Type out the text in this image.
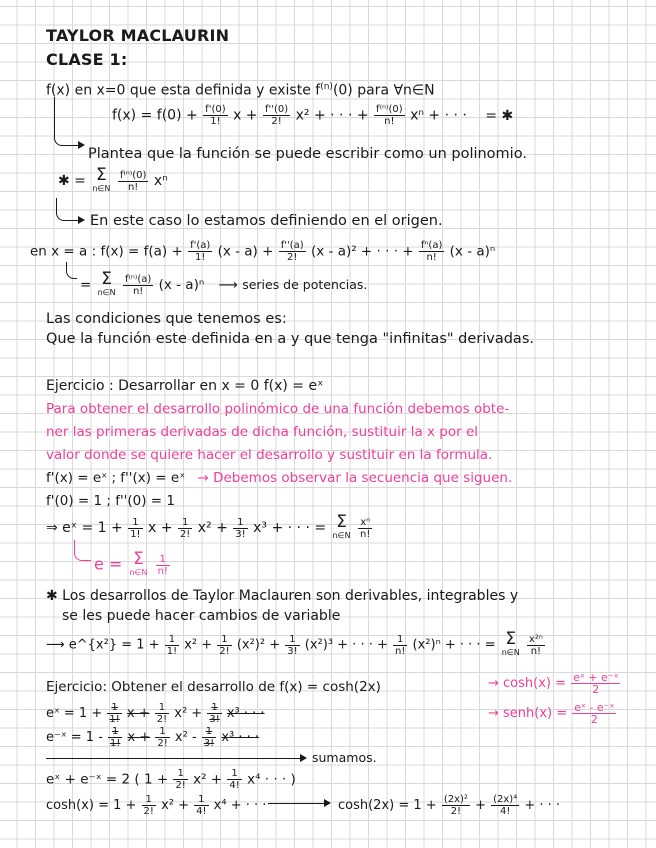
TAYLOR MACLAURIN
CLASE 1:
f(x) en x=0 que esta definida y existe $f^{(n)}(0)$ para ∀n∈N
$f(x) = f(0) + \frac{f'(0)}{1!}$ $x + \frac{f''(0)}{2!} x^2$ + · · · + $\frac{\text{f⁽ⁿ⁾(0)}}{n!}$ xⁿ + · · · = ✱
Plantea que la función se puede escribir como un polinomio.
✱ = Σ
n∈N
$\frac{\text{f⁽ⁿ⁾(0)}}{n!}$ xⁿ
En este caso lo estamos definiendo en el origen.
en x = a : $f(x) = f(a) + \frac{f'(a)}{1!} (x - a) + \frac{f''(a)}{2!} (x - a)^2$ + · · · + $\frac{\text{fⁿ(a)}}{n!} (x - a)^n$
= Σ
n∈N
$\frac{\text{f⁽ⁿ⁾(a)}}{n!} (x - a)^n$ ⟶ series de potencias.
Las condiciones que tenemos es:
Que la función este definida en a y que tenga "infinitas" derivadas.
Ejercicio : Desarrollar en x = 0 f(x) = eˣ
Para obtener el desarrollo polinómico de una función debemos obte-
ner las primeras derivadas de dicha función, sustituir la x por el
valor donde se quiere hacer el desarrollo y sustituir en la formula.
f'(x) = eˣ ; f''(x) = eˣ → Debemos observar la secuencia que siguen.
f'(0) = 1 ; f''(0) = 1
⇒ eˣ = $1 + \frac{1}{1!}$ $x + \frac{1}{2!} x^2 + \frac{1}{3!} x^3$ + · · · = Σ
n∈N
$\frac{\text{xⁿ}}{n!}$
e = Σ
n∈N
$\frac{1}{n!}$
✱ Los desarrollos de Taylor Maclauren son derivables, integrables y
se les puede hacer cambios de variable
⟶ e^{x²} = $1 + \frac{1}{1!} x^2 + \frac{1}{2!} (x^2)^2 + \frac{1}{3!} (x^2)^3$ + · · · + $\frac{1}{n!} (x^2)^n$ + · · · = Σ
n∈N
$\frac{\text{x²ⁿ}}{n!}$
Ejercicio: Obtener el desarrollo de f(x) = cosh(2x)	→ $\cosh(x) = \frac{\text{eˣ + e⁻ˣ}}{2}$
→ senh(x) = $\frac{\text{eˣ - e⁻ˣ}}{2}$
eˣ = $1 + \frac{1}{1!}$ $x + \frac{1}{2!} x^2 + \frac{1}{3!} x^3$ · · ·
e⁻ˣ = $1 - \frac{1}{1!}$ $x + \frac{1}{2!} x^2 - \frac{1}{3!} x^3$ · · ·
sumamos.
eˣ + e⁻ˣ = 2 ( $1 + \frac{1}{2!} x^2 + \frac{1}{4!} x^4$ · · · )
$\cosh(x) = 1 + \frac{1}{2!} x^2 + \frac{1}{4!} x^4$ + · · ·	$\cosh(2x) = 1 + \frac{\text{(2x)²}}{2!} + \frac{\text{(2x)⁴}}{4!}$ + · · ·
